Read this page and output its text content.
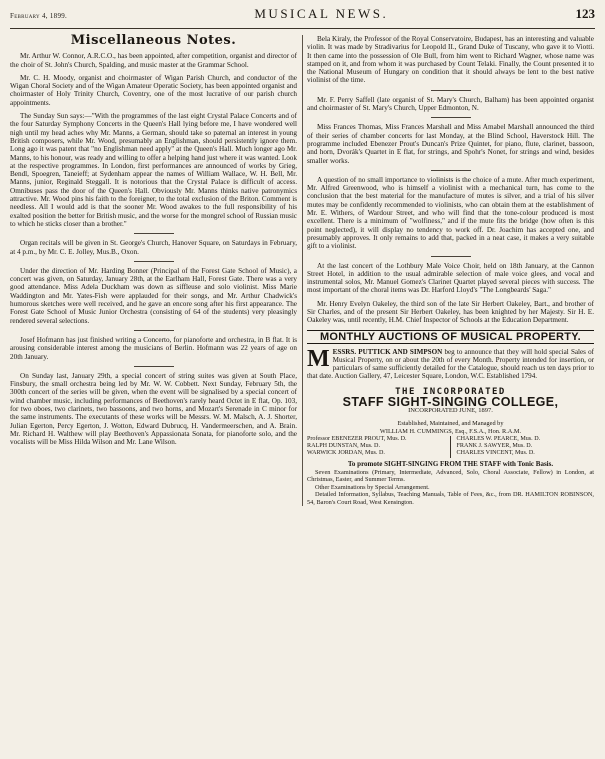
February 4, 1899.	MUSICAL NEWS.	123
Miscellaneous Notes.

Mr. Arthur W. Connor, A.R.C.O., has been appointed, after competition, organist and director of the choir of St. John's Church, Spalding, and music master at the Grammar School.

Mr. C. H. Moody, organist and choirmaster of Wigan Parish Church, and conductor of the Wigan Choral Society and of the Wigan Amateur Operatic Society, has been appointed organist and choirmaster of Holy Trinity Church, Coventry, one of the most lucrative of our parish church appointments.

The Sunday Sun says:—"With the programmes of the last eight Crystal Palace Concerts and of the four Saturday Symphony Concerts in the Queen's Hall lying before me, I have wondered well nigh until my head aches why Mr. Manns, a German, should take so paternal an interest in young British composers, while Mr. Wood, presumably an Englishman, should persistently ignore them. Long ago it was patent that "no Englishman need apply" at the Queen's Hall. Much longer ago Mr. Manns, to his honour, was ready and willing to offer a helping hand just where it was wanted. Look at the respective programmes. In London, first performances are announced of works by Grieg, Bendl, Spoegren, Taneieff; at Sydenham appear the names of William Wallace, W. H. Bell, Mr. Manns, junior, Reginald Steggall. It is notorious that the Crystal Palace is difficult of access. Omnibuses pass the door of the Queen's Hall. Obviously Mr. Manns thinks native patronymics attractive. Mr. Wood pins his faith to the foreigner, to the total exclusion of the Briton. Comment is needless. All I would add is that the sooner Mr. Wood awakes to the full responsibility of his exalted position the better for British music, and the worse for the mongrel school of Russian music to which he sticks closer than a brother."

Organ recitals will be given in St. George's Church, Hanover Square, on Saturdays in February, at 4 p.m., by Mr. C. E. Jolley, Mus.B., Oxon.

Under the direction of Mr. Harding Bonner (Principal of the Forest Gate School of Music), a concert was given, on Saturday, January 28th, at the Earlham Hall, Forest Gate. There was a very good attendance. Miss Adela Duckham was down as siffleuse and solo violinist. Miss Marie Waddington and Mr. Yates-Fish were applauded for their songs, and Mr. Arthur Chadwick's humorous sketches were well received, and he gave an encore song after his first appearance. The Forest Gate School of Music Junior Orchestra (consisting of 64 of the students) very pleasingly rendered several selections.

Josef Hofmann has just finished writing a Concerto, for pianoforte and orchestra, in B flat. It is arousing considerable interest among the musicians of Berlin. Hofmann was 22 years of age on 20th January.

On Sunday last, January 29th, a special concert of string suites was given at South Place, Finsbury, the small orchestra being led by Mr. W. W. Cobbett. Next Sunday, February 5th, the 300th concert of the series will be given, when the event will be signalised by a special concert of wind chamber music, including performances of Beethoven's rarely heard Octet in E flat, Op. 103, for two oboes, two clarinets, two bassoons, and two horns, and Mozart's Serenade in C minor for the same instruments. The executants of these works will be Messrs. W. M. Malsch, A. J. Shorter, Julian Egerton, Percy Egerton, J. Wotton, Edward Dubrucq, H. Vandermeerschen, and A. Brain. Mr. Richard H. Walthew will play Beethoven's Appassionata Sonata, for pianoforte solo, and the vocalists will be Miss Hilda Wilson and Mr. Lane Wilson.

Bela Kiraly, the Professor of the Royal Conservatoire, Budapest, has an interesting and valuable violin. It was made by Stradivarius for Leopold II., Grand Duke of Tuscany, who gave it to Viotti. It then came into the possession of Ole Bull, from him went to Richard Wagner, whose name was stamped on it, and from whom it was purchased by Count Telaki. Finally, the Count presented it to the National Museum of Hungary on condition that it should always be lent to the best native violinist of the time.

Mr. F. Perry Saffell (late organist of St. Mary's Church, Balham) has been appointed organist and choirmaster of St. Mary's Church, Upper Edmonton, N.

Miss Frances Thomas, Miss Frances Marshall and Miss Amabel Marshall announced the third of their series of chamber concerts for last Monday, at the Blind School, Haverstock Hill. The programme included Ebenezer Prout's Duncan's Prize Quintet, for piano, flute, clarinet, bassoon, and horn, Dvorák's Quartet in E flat, for strings, and Spohr's Nonet, for strings and wind, besides smaller works.

A question of no small importance to violinists is the choice of a mute. After much experiment, Mr. Alfred Greenwood, who is himself a violinist with a mechanical turn, has come to the conclusion that the best material for the manufacture of mutes is silver, and a trial of his silver mutes may be confidently recommended to violinists, who can obtain them at the establishment of Mr. E. Withers, of Wardour Street, and who will find that the tone-colour produced is most excellent. There is a minimum of "wolfiness," and if the mute fits the bridge (how often is this point neglected), it will display no tendency to work off. Dr. Joachim has accepted one, and presumably approves. It only remains to add that, packed in a neat case, it makes a very suitable gift to a violinist.

At the last concert of the Lothbury Male Voice Choir, held on 18th January, at the Cannon Street Hotel, in addition to the usual admirable selection of male voice glees, and vocal and instrumental solos, Mr. Manuel Gomez's Clarinet Quartet played several pieces with success. The most important of the choral items was Dr. Harford Lloyd's "The Longbeards' Saga."

Mr. Henry Evelyn Oakeley, the third son of the late Sir Herbert Oakeley, Bart., and brother of Sir Charles, and of the present Sir Herbert Oakeley, has been knighted by her Majesty. Sir H. E. Oakeley was, until recently, H.M. Chief Inspector of Schools at the Education Department.

MONTHLY AUCTIONS OF MUSICAL PROPERTY.
MESSRS. PUTTICK AND SIMPSON beg to announce that they will hold special Sales of Musical Property, on or about the 20th of every Month. Property intended for insertion, or particulars of same sufficiently detailed for the Catalogue, should reach us ten days prior to that date. Auction Gallery, 47, Leicester Square, London, W.C. Established 1794.
THE INCORPORATED
STAFF SIGHT-SINGING COLLEGE,
INCORPORATED JUNE, 1897.
Established, Maintained, and Managed by
WILLIAM H. CUMMINGS, Esq., F.S.A., Hon. R.A.M.
Professor EBENEZER PROUT, Mus. D.	CHARLES W. PEARCE, Mus. D.
RALPH DUNSTAN, Mus. D.	FRANK J. SAWYER, Mus. D.
WARWICK JORDAN, Mus. D.	CHARLES VINCENT, Mus. D.
To promote SIGHT-SINGING FROM THE STAFF with Tonic Basis.
Seven Examinations (Primary, Intermediate, Advanced, Solo, Choral Associate, Fellow) in London, at Christmas, Easter, and Summer Terms.
Other Examinations by Special Arrangement.
Detailed Information, Syllabus, Teaching Manuals, Table of Fees, &c., from DR. HAMILTON ROBINSON, 54, Baron's Court Road, West Kensington.
